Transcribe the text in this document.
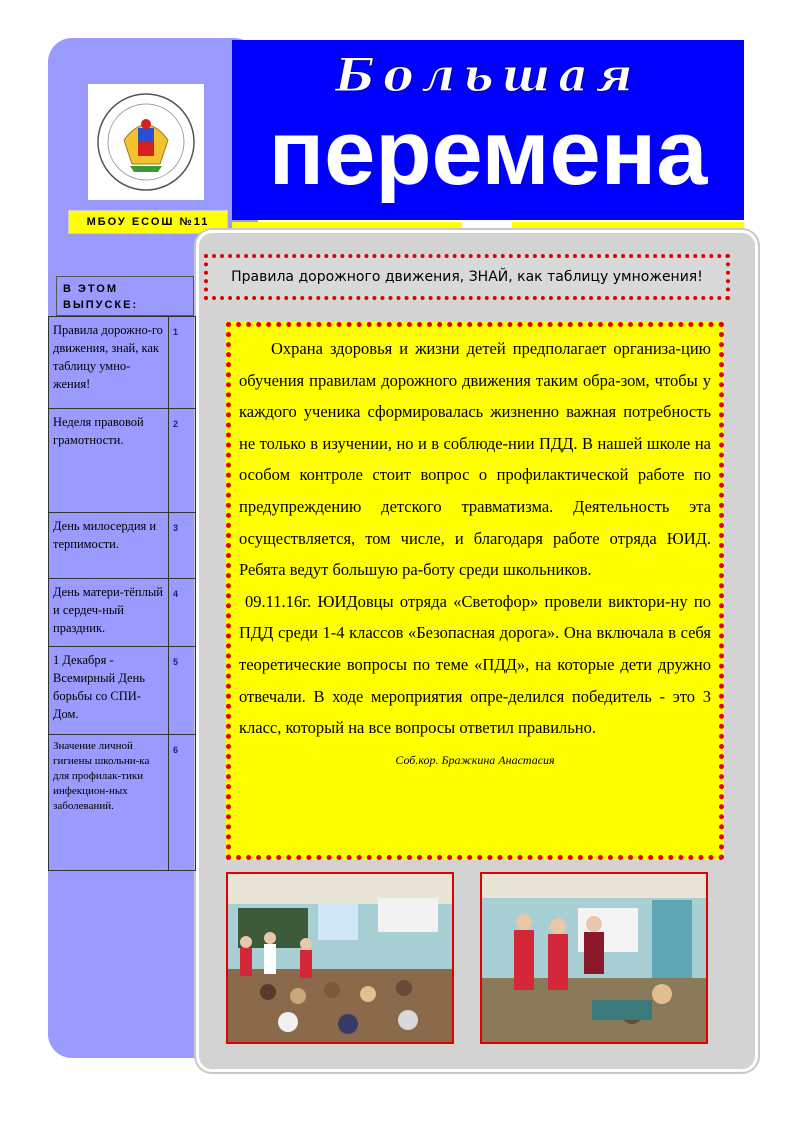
МБОУ ЕСОШ №11
Большая
перемена
Правила дорожного движения, ЗНАЙ, как таблицу умножения!

Охрана здоровья и жизни детей предполагает организа-цию обучения правилам дорожного движения таким обра-зом, чтобы у каждого ученика сформировалась жизненно важная потребность не только в изучении, но и в соблюде-нии ПДД. В нашей школе на особом контроле стоит вопрос о профилактической работе по предупреждению детского травматизма. Деятельность эта осуществляется, том числе, и благодаря работе отряда ЮИД. Ребята ведут большую ра-боту среди школьников.

09.11.16г. ЮИДовцы отряда «Светофор» провели виктори-ну по ПДД среди 1-4 классов «Безопасная дорога». Она включала в себя теоретические вопросы по теме «ПДД», на которые дети дружно отвечали. В ходе мероприятия опре-делился победитель - это 3 класс, который на все вопросы ответил правильно.

Соб.кор. Бражкина Анастасия

В ЭТОМ ВЫПУСКЕ:
Правила дорожно-го движения, знай, как таблицу умно-жения!	1
Неделя правовой грамотности.	2
День милосердия и терпимости.	3
День матери-тёплый и сердеч-ный праздник.	4
1 Декабря - Всемирный День борьбы со СПИ-Дом.	5
Значение личной гигиены школьни-ка для профилак-тики инфекцион-ных заболеваний.	6
